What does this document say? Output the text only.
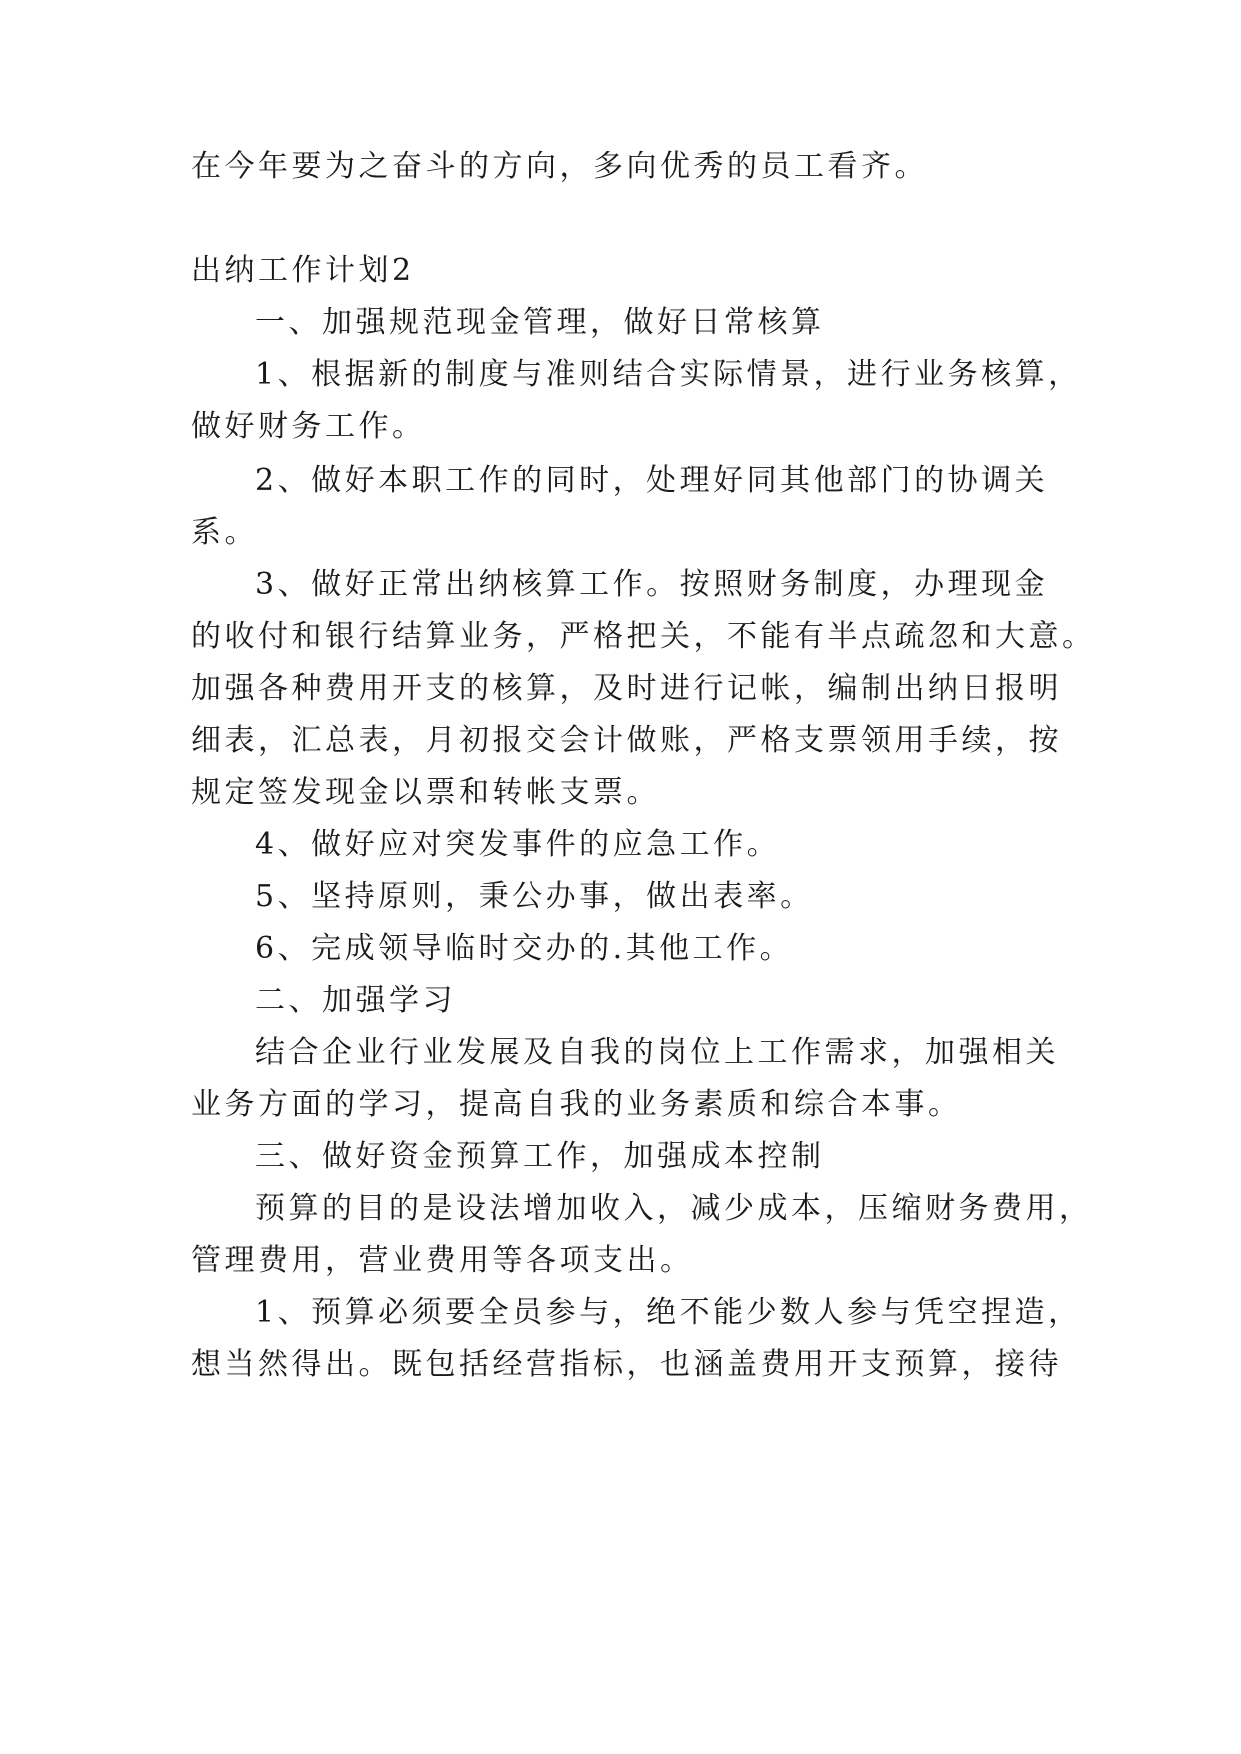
在今年要为之奋斗的方向，多向优秀的员工看齐。
出纳工作计划2
一、加强规范现金管理，做好日常核算
1、根据新的制度与准则结合实际情景，进行业务核算，
做好财务工作。
2、做好本职工作的同时，处理好同其他部门的协调关
系。
3、做好正常出纳核算工作。按照财务制度，办理现金
的收付和银行结算业务，严格把关，不能有半点疏忽和大意。
加强各种费用开支的核算，及时进行记帐，编制出纳日报明
细表，汇总表，月初报交会计做账，严格支票领用手续，按
规定签发现金以票和转帐支票。
4、做好应对突发事件的应急工作。
5、坚持原则，秉公办事，做出表率。
6、完成领导临时交办的.其他工作。
二、加强学习
结合企业行业发展及自我的岗位上工作需求，加强相关
业务方面的学习，提高自我的业务素质和综合本事。
三、做好资金预算工作，加强成本控制
预算的目的是设法增加收入，减少成本，压缩财务费用，
管理费用，营业费用等各项支出。
1、预算必须要全员参与，绝不能少数人参与凭空捏造，
想当然得出。既包括经营指标，也涵盖费用开支预算，接待
